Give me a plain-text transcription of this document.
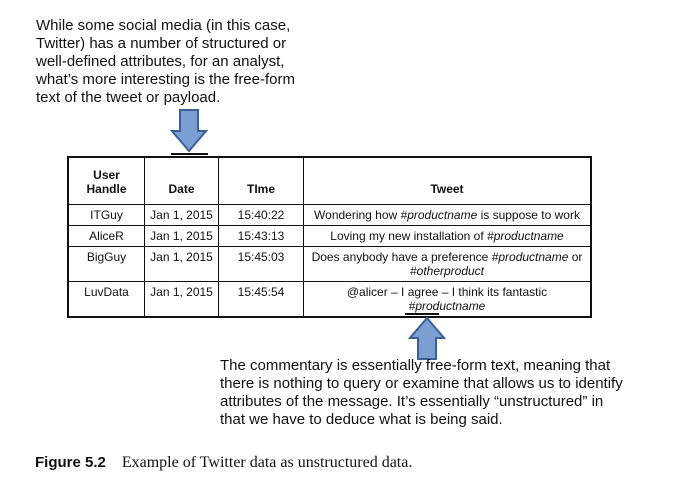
While some social media (in this case,
Twitter) has a number of structured or
well-defined attributes, for an analyst,
what’s more interesting is the free-form
text of the tweet or payload.

User
Handle	Date	TIme	Tweet
ITGuy	Jan 1, 2015	15:40:22	Wondering how #productname is suppose to work
AliceR	Jan 1, 2015	15:43:13	Loving my new installation of #productname
BigGuy	Jan 1, 2015	15:45:03	Does anybody have a preference #productname or
#otherproduct
LuvData	Jan 1, 2015	15:45:54	@alicer – I agree – I think its fantastic #productname

The commentary is essentially free-form text, meaning that
there is nothing to query or examine that allows us to identify
attributes of the message. It’s essentially “unstructured” in
that we have to deduce what is being said.

Figure 5.2 Example of Twitter data as unstructured data.
